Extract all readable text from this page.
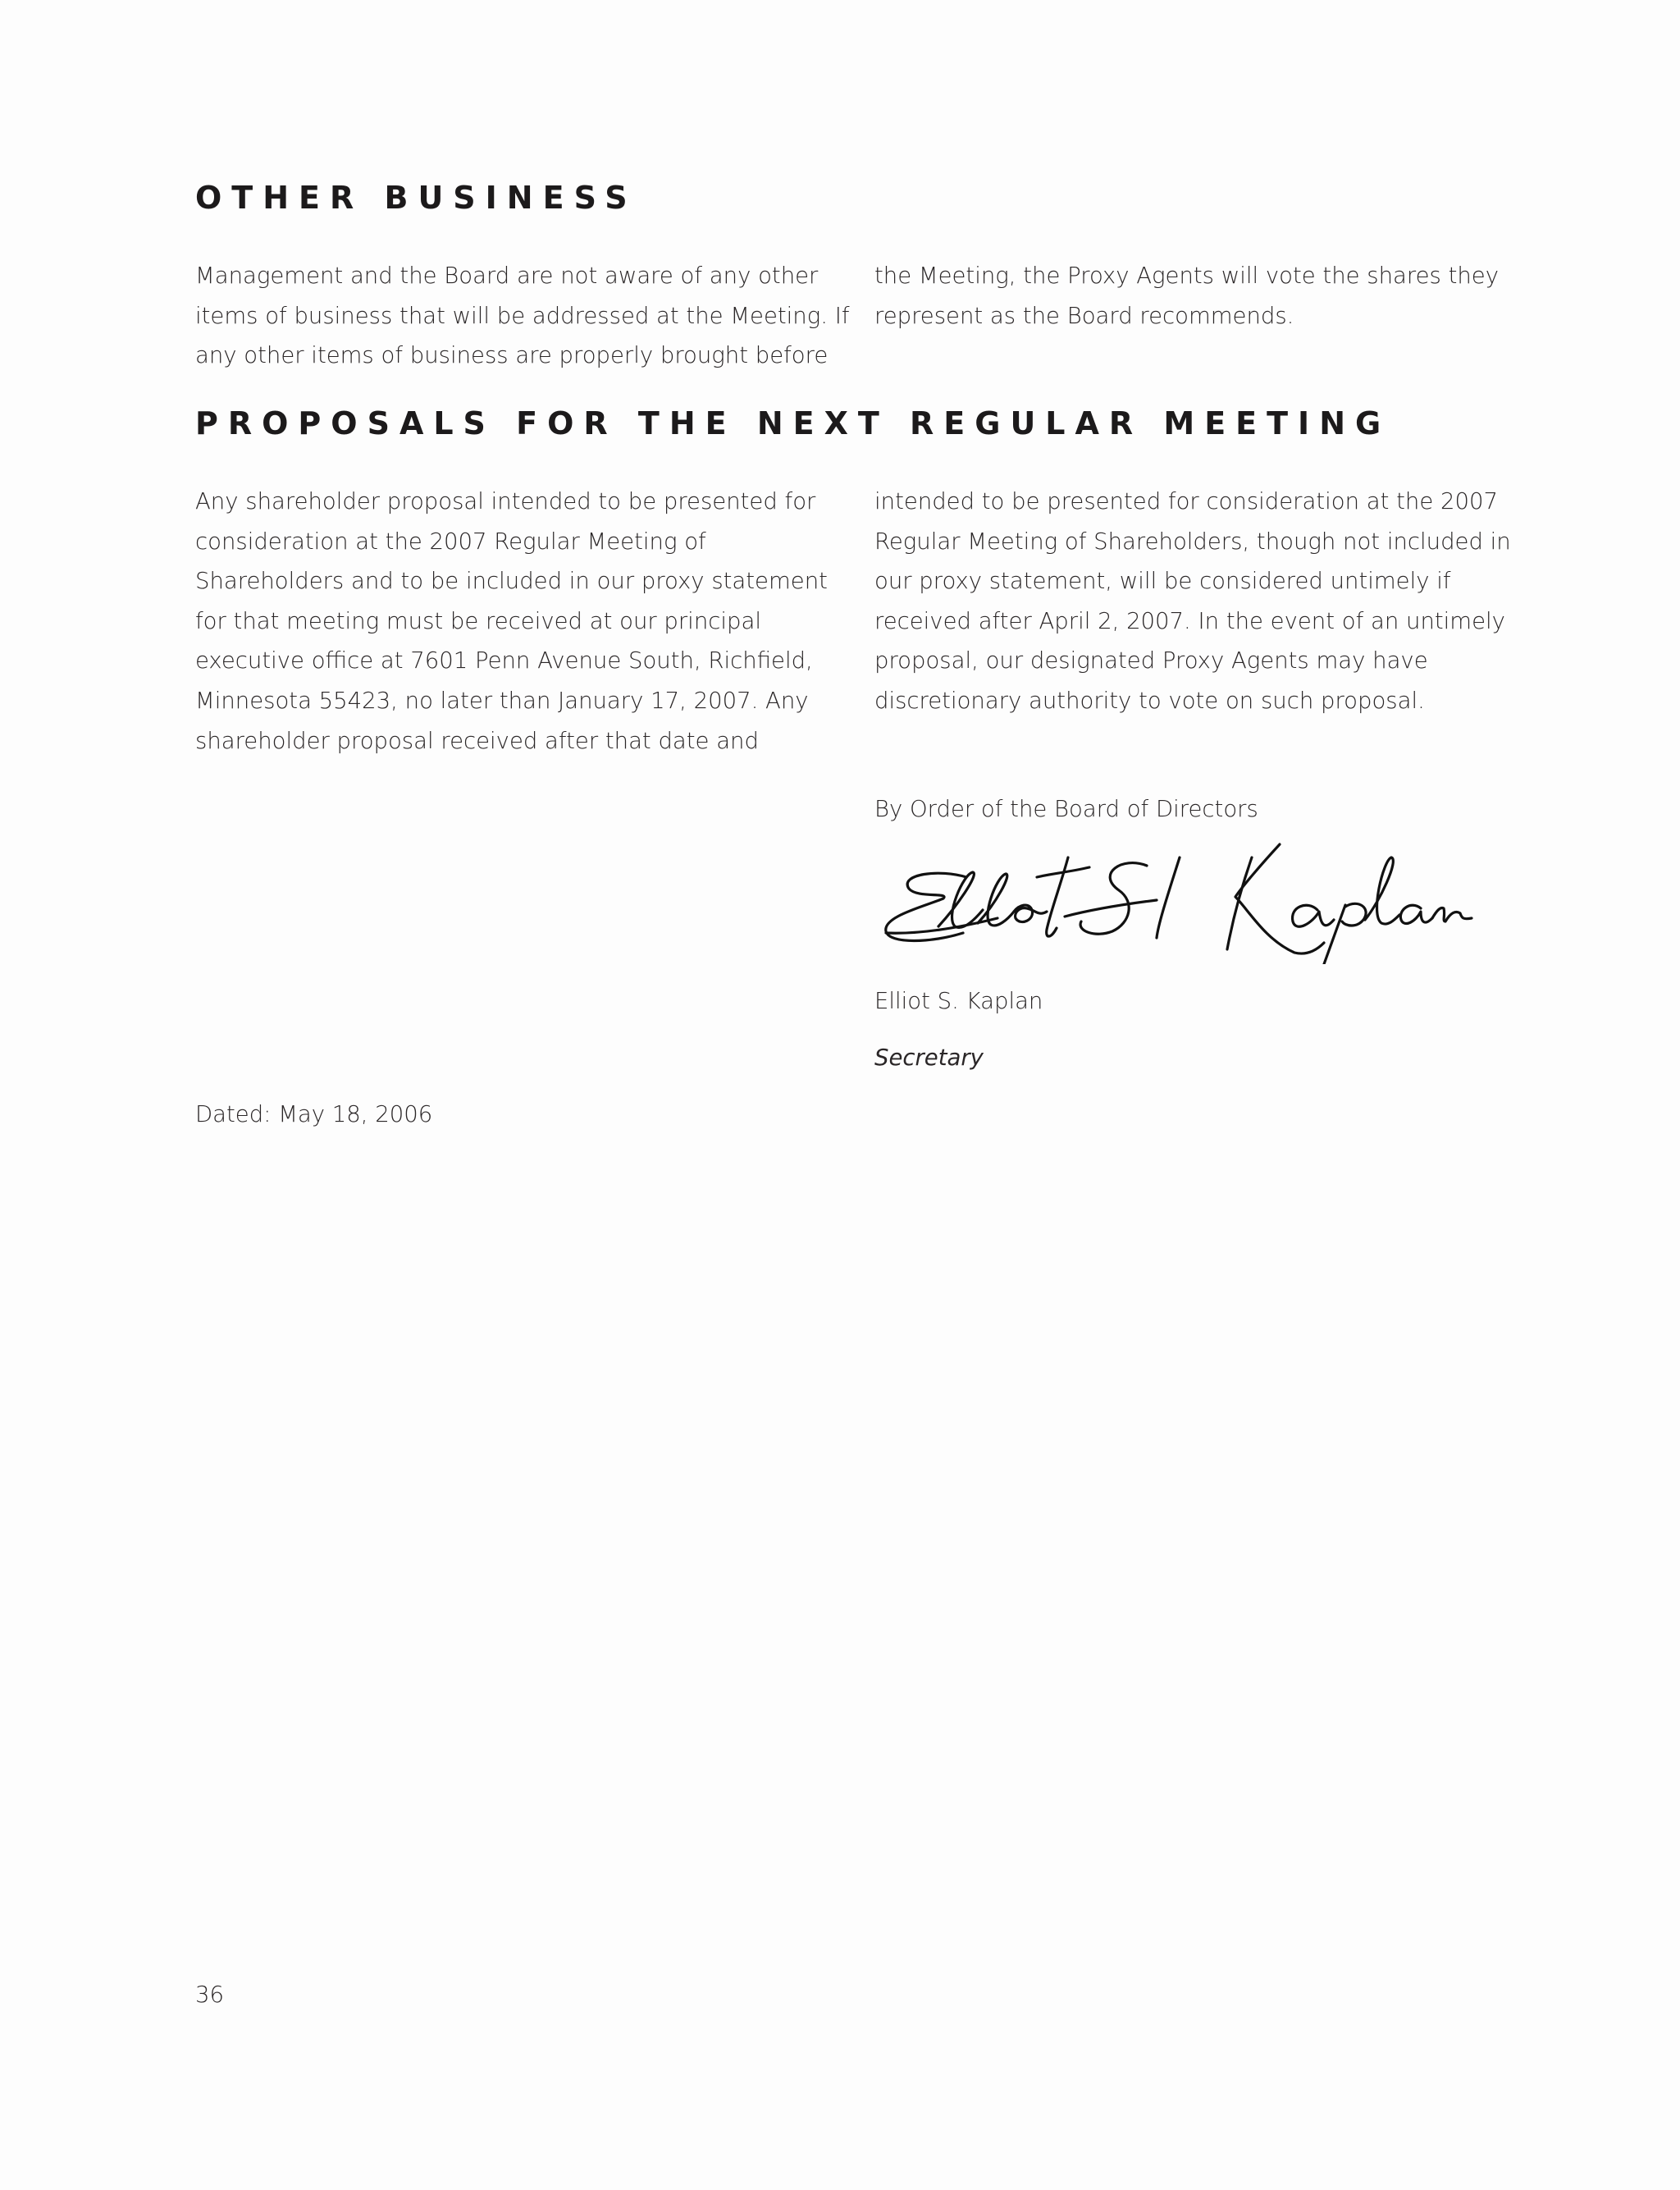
OTHER BUSINESS
Management and the Board are not aware of any other
items of business that will be addressed at the Meeting. If
any other items of business are properly brought before
the Meeting, the Proxy Agents will vote the shares they
represent as the Board recommends.
PROPOSALS FOR THE NEXT REGULAR MEETING
Any shareholder proposal intended to be presented for
consideration at the 2007 Regular Meeting of
Shareholders and to be included in our proxy statement
for that meeting must be received at our principal
executive office at 7601 Penn Avenue South, Richfield,
Minnesota 55423, no later than January 17, 2007. Any
shareholder proposal received after that date and
intended to be presented for consideration at the 2007
Regular Meeting of Shareholders, though not included in
our proxy statement, will be considered untimely if
received after April 2, 2007. In the event of an untimely
proposal, our designated Proxy Agents may have
discretionary authority to vote on such proposal.

By Order of the Board of Directors

Elliot S. Kaplan

Secretary

Dated: May 18, 2006

36
